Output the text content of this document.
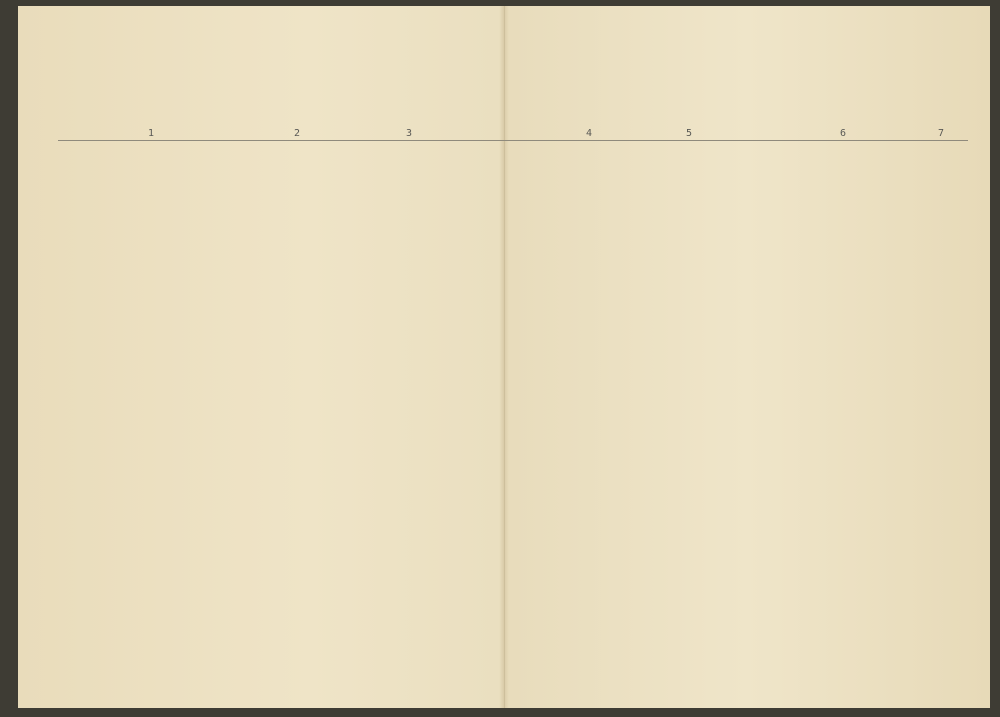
1	2	3	4	5	6	7
